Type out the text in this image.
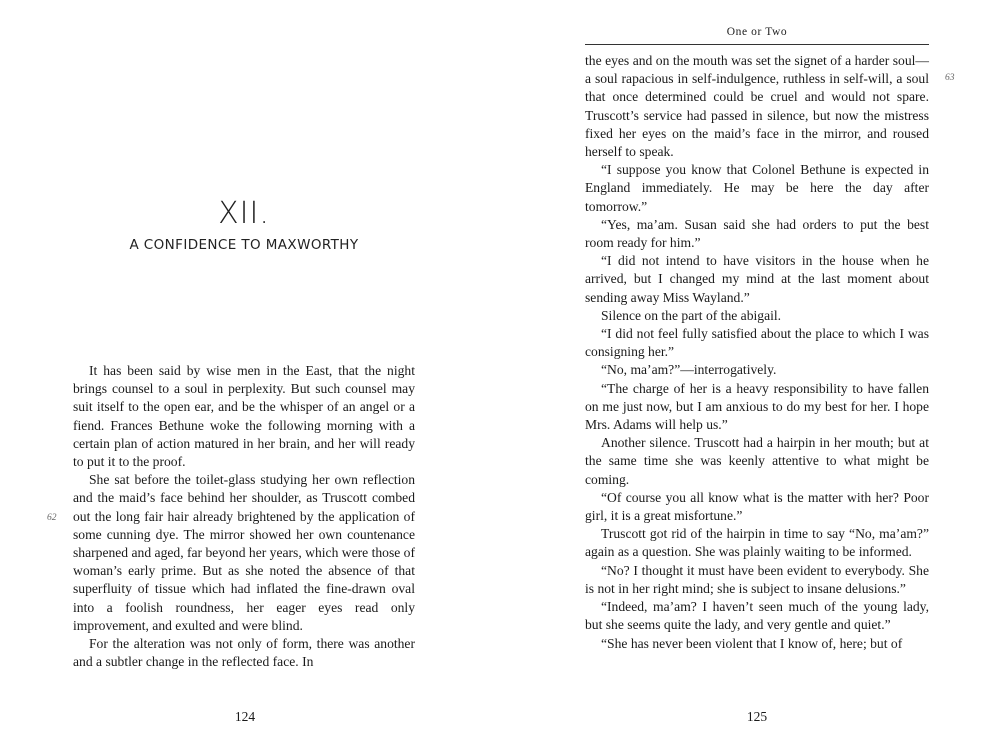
XII.
A CONFIDENCE TO MAXWORTHY

It has been said by wise men in the East, that the night brings counsel to a soul in perplexity. But such counsel may suit itself to the open ear, and be the whisper of an angel or a fiend. Frances Bethune woke the following morning with a certain plan of action matured in her brain, and her will ready to put it to the proof.

She sat before the toilet-glass studying her own reflection and the maid’s face behind her shoulder, as Truscott combed out the long fair hair already brightened by the application of some cunning dye. The mirror showed her own countenance sharpened and aged, far beyond her years, which were those of woman’s early prime. But as she noted the absence of that superfluity of tissue which had inflated the fine-drawn oval into a foolish roundness, her eager eyes read only improvement, and exulted and were blind.

For the alteration was not only of form, there was another and a subtler change in the reflected face. In

62
124
One or Two

the eyes and on the mouth was set the signet of a harder soul—a soul rapacious in self-indulgence, ruthless in self-will, a soul that once determined could be cruel and would not spare. Truscott’s service had passed in silence, but now the mistress fixed her eyes on the maid’s face in the mirror, and roused herself to speak.

“I suppose you know that Colonel Bethune is expected in England immediately. He may be here the day after tomorrow.”

“Yes, ma’am. Susan said she had orders to put the best room ready for him.”

“I did not intend to have visitors in the house when he arrived, but I changed my mind at the last moment about sending away Miss Wayland.”

Silence on the part of the abigail.

“I did not feel fully satisfied about the place to which I was consigning her.”

“No, ma’am?”—interrogatively.

“The charge of her is a heavy responsibility to have fallen on me just now, but I am anxious to do my best for her. I hope Mrs. Adams will help us.”

Another silence. Truscott had a hairpin in her mouth; but at the same time she was keenly attentive to what might be coming.

“Of course you all know what is the matter with her? Poor girl, it is a great misfortune.”

Truscott got rid of the hairpin in time to say “No, ma’am?” again as a question. She was plainly waiting to be informed.

“No? I thought it must have been evident to everybody. She is not in her right mind; she is subject to insane delusions.”

“Indeed, ma’am? I haven’t seen much of the young lady, but she seems quite the lady, and very gentle and quiet.”

“She has never been violent that I know of, here; but of

63
125
